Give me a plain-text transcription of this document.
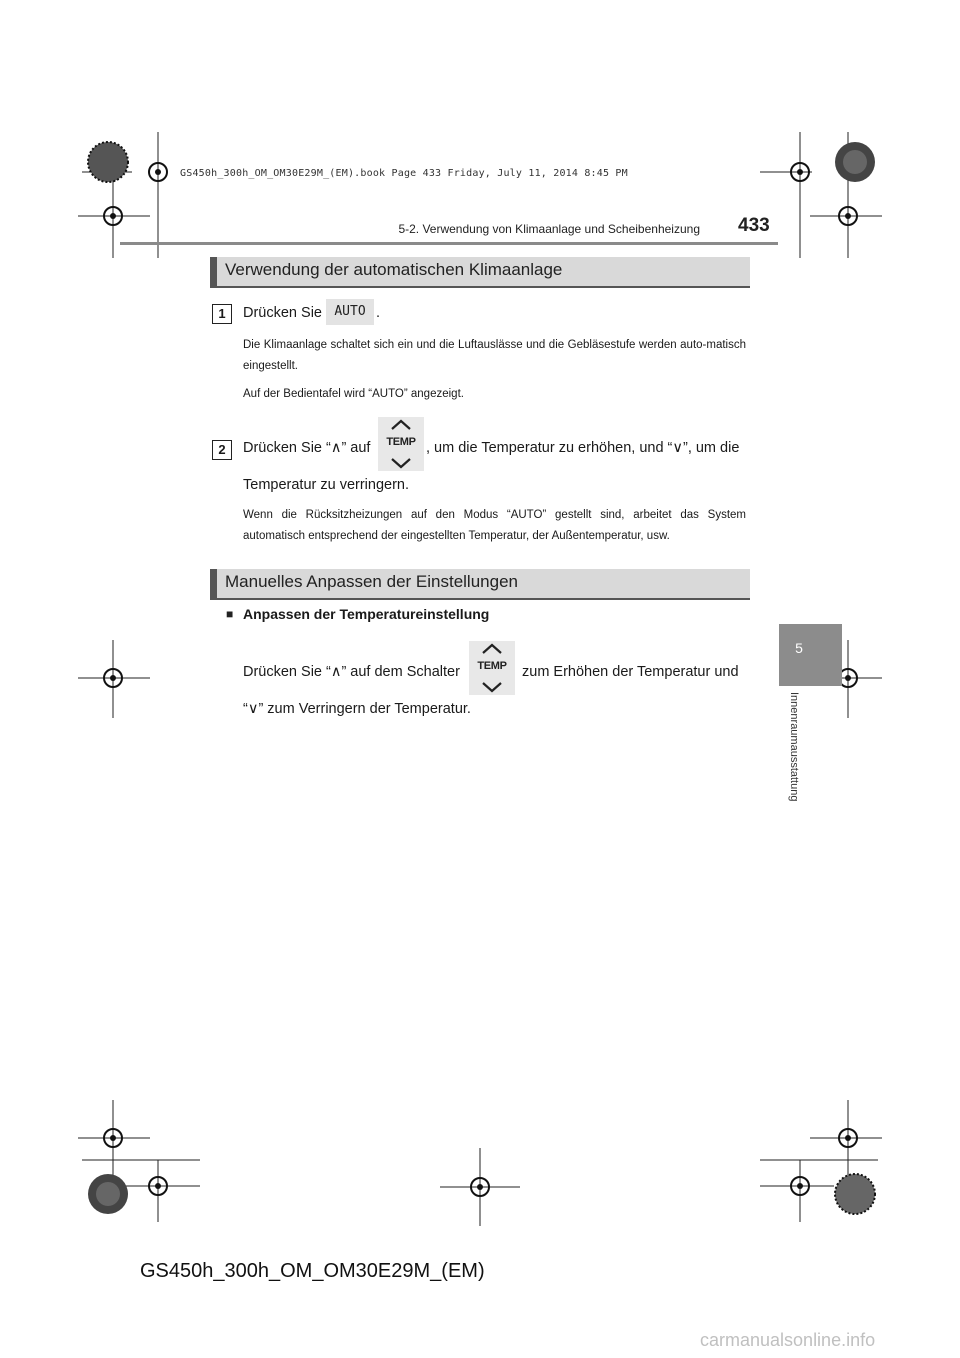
GS450h_300h_OM_OM30E29M_(EM).book Page 433 Friday, July 11, 2014 8:45 PM
5-2. Verwendung von Klimaanlage und Scheibenheizung 433
5
Innenraumausstattung
Verwendung der automatischen Klimaanlage
1	Drücken Sie AUTO .
Die Klimaanlage schaltet sich ein und die Luftauslässe und die Gebläsestufe werden auto-matisch eingestellt.
Auf der Bedientafel wird “AUTO” angezeigt.
2	Drücken Sie “∧” auf	TEMP , um die Temperatur zu erhöhen, und “∨”, um die
Temperatur zu verringern.
Wenn die Rücksitzheizungen auf den Modus “AUTO” gestellt sind, arbeitet das System automatisch entsprechend der eingestellten Temperatur, der Außentemperatur, usw.
Manuelles Anpassen der Einstellungen
■ Anpassen der Temperatureinstellung
Drücken Sie “∧” auf dem Schalter	TEMP	zum Erhöhen der Temperatur und
“∨” zum Verringern der Temperatur.
GS450h_300h_OM_OM30E29M_(EM)
carmanualsonline.info
